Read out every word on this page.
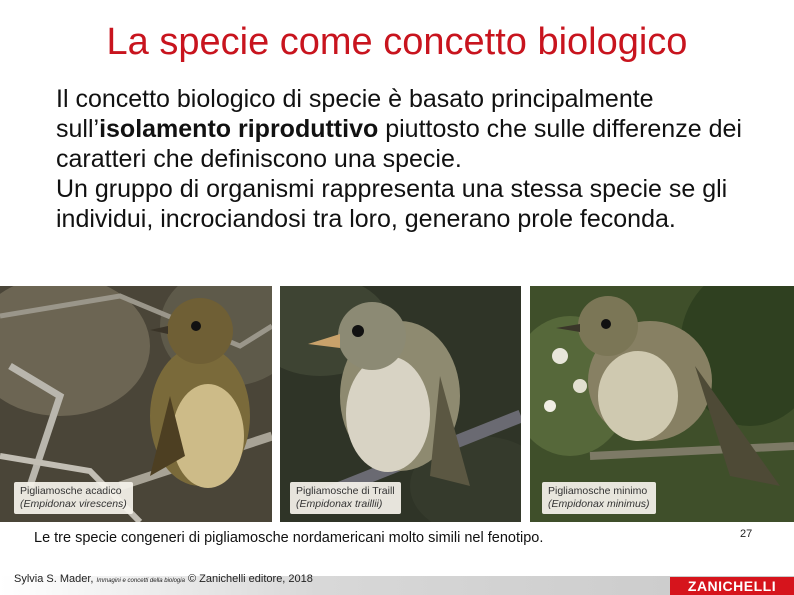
La specie come concetto biologico
Il concetto biologico di specie è basato principalmente sull’isolamento riproduttivo piuttosto che sulle differenze dei caratteri che definiscono una specie.
Un gruppo di organismi rappresenta una stessa specie se gli individui, incrociandosi tra loro, generano prole feconda.
Pigliamosche acadico
(Empidonax virescens)
Pigliamosche di Traill
(Empidonax traillii)
Pigliamosche minimo
(Empidonax minimus)
Le tre specie congeneri di pigliamosche nordamericani molto simili nel fenotipo.	27
Sylvia S. Mader, Immagini e concetti della biologia © Zanichelli editore, 2018	ZANICHELLI
